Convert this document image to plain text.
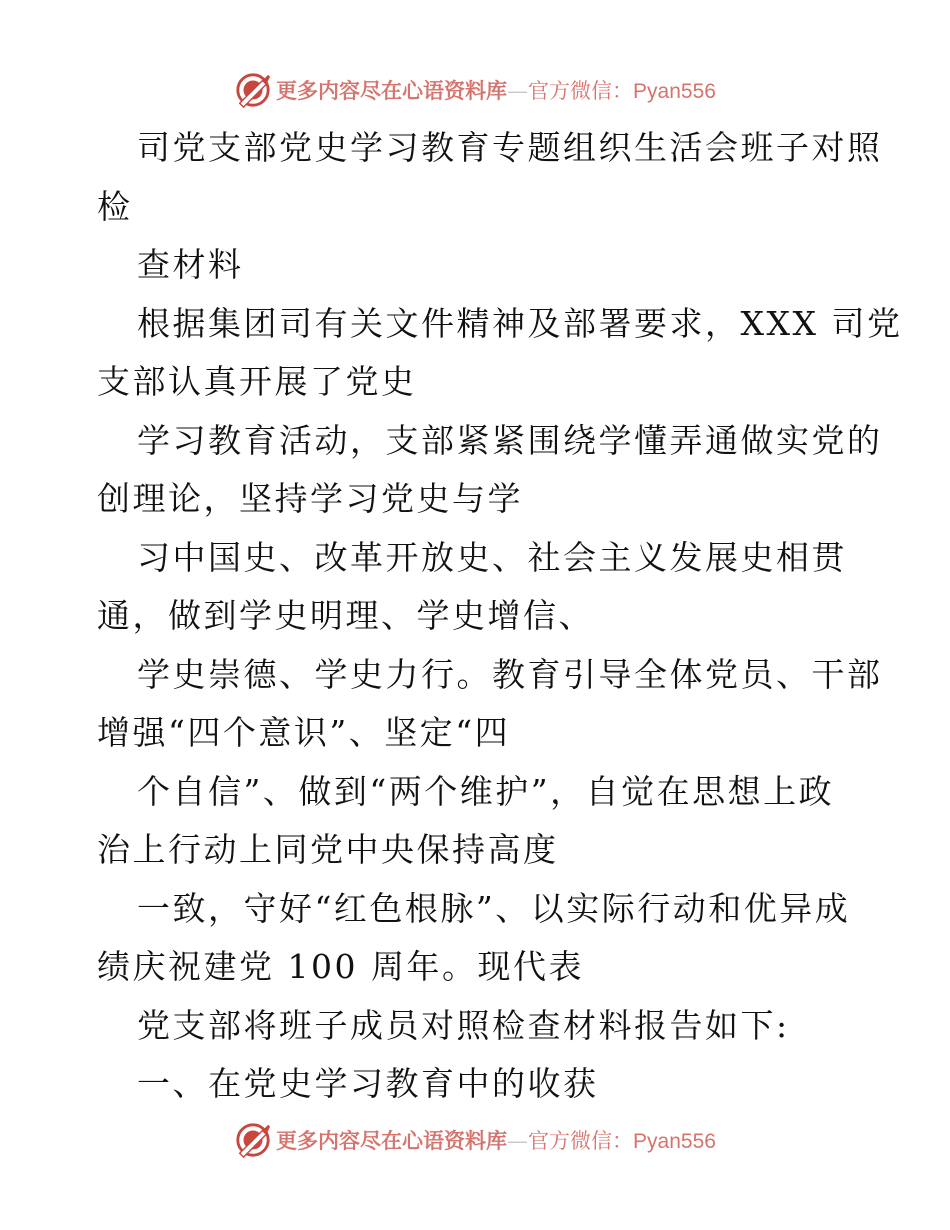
更多内容尽在心语资料库—官方微信：Pyan556
司党支部党史学习教育专题组织生活会班子对照
检
查材料
根据集团司有关文件精神及部署要求，XXX 司党
支部认真开展了党史
学习教育活动，支部紧紧围绕学懂弄通做实党的
创理论，坚持学习党史与学
习中国史、改革开放史、社会主义发展史相贯
通，做到学史明理、学史增信、
学史崇德、学史力行。教育引导全体党员、干部
增强“四个意识”、坚定“四
个自信”、做到“两个维护”，自觉在思想上政
治上行动上同党中央保持高度
一致，守好“红色根脉”、以实际行动和优异成
绩庆祝建党 100 周年。现代表
党支部将班子成员对照检查材料报告如下:
一、在党史学习教育中的收获
更多内容尽在心语资料库—官方微信：Pyan556
